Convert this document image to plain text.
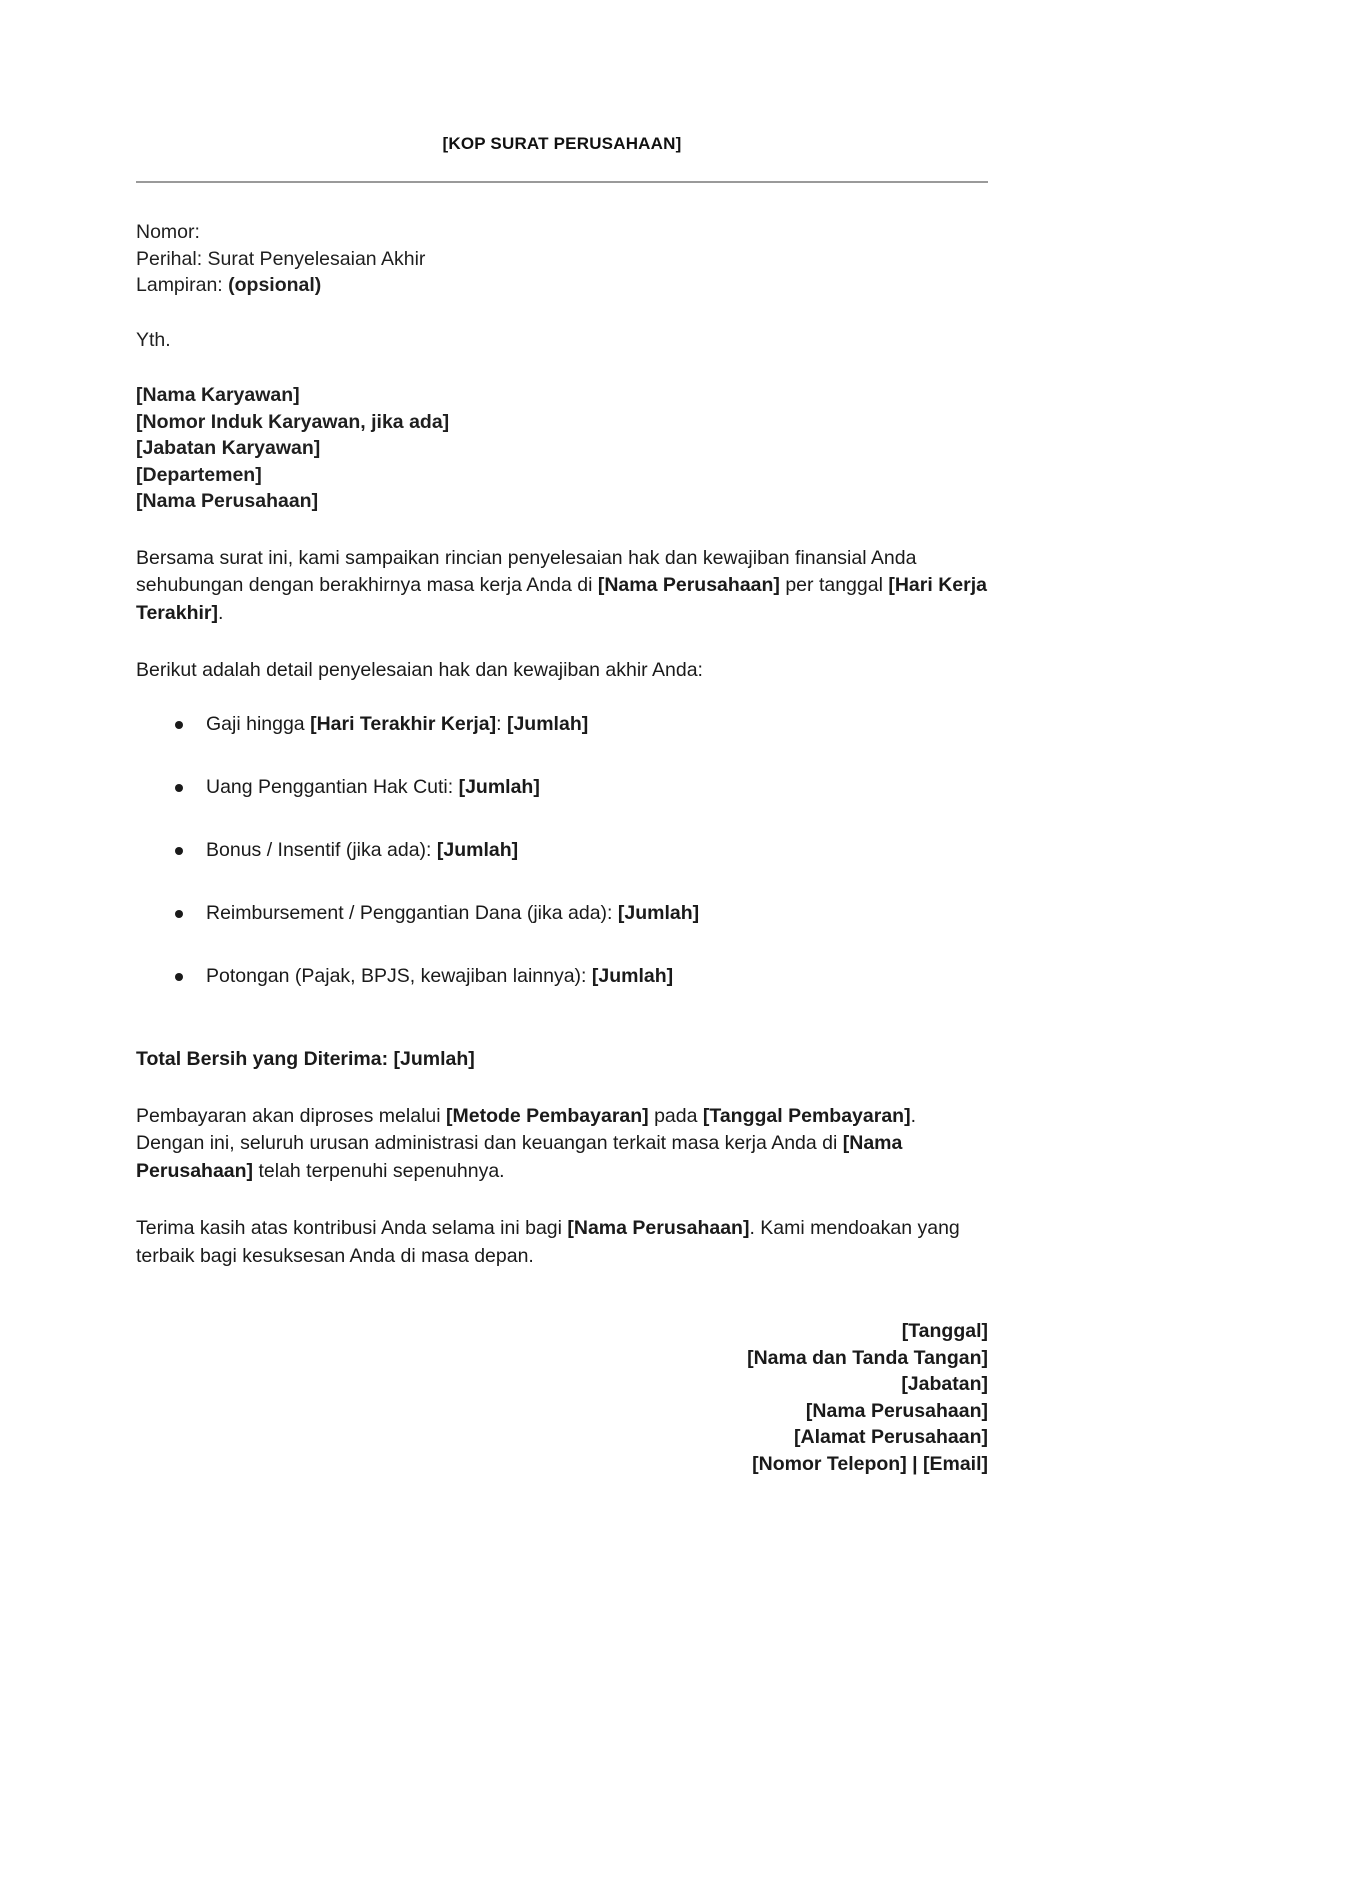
[KOP SURAT PERUSAHAAN]
Nomor:
Perihal: Surat Penyelesaian Akhir
Lampiran: (opsional)
Yth.
[Nama Karyawan]
[Nomor Induk Karyawan, jika ada]
[Jabatan Karyawan]
[Departemen]
[Nama Perusahaan]

Bersama surat ini, kami sampaikan rincian penyelesaian hak dan kewajiban finansial Anda sehubungan dengan berakhirnya masa kerja Anda di [Nama Perusahaan] per tanggal [Hari Kerja Terakhir].

Berikut adalah detail penyelesaian hak dan kewajiban akhir Anda:

Gaji hingga [Hari Terakhir Kerja]: [Jumlah]
Uang Penggantian Hak Cuti: [Jumlah]
Bonus / Insentif (jika ada): [Jumlah]
Reimbursement / Penggantian Dana (jika ada): [Jumlah]
Potongan (Pajak, BPJS, kewajiban lainnya): [Jumlah]
Total Bersih yang Diterima: [Jumlah]

Pembayaran akan diproses melalui [Metode Pembayaran] pada [Tanggal Pembayaran]. Dengan ini, seluruh urusan administrasi dan keuangan terkait masa kerja Anda di [Nama Perusahaan] telah terpenuhi sepenuhnya.

Terima kasih atas kontribusi Anda selama ini bagi [Nama Perusahaan]. Kami mendoakan yang terbaik bagi kesuksesan Anda di masa depan.

[Tanggal]
[Nama dan Tanda Tangan]
[Jabatan]
[Nama Perusahaan]
[Alamat Perusahaan]
[Nomor Telepon] | [Email]
